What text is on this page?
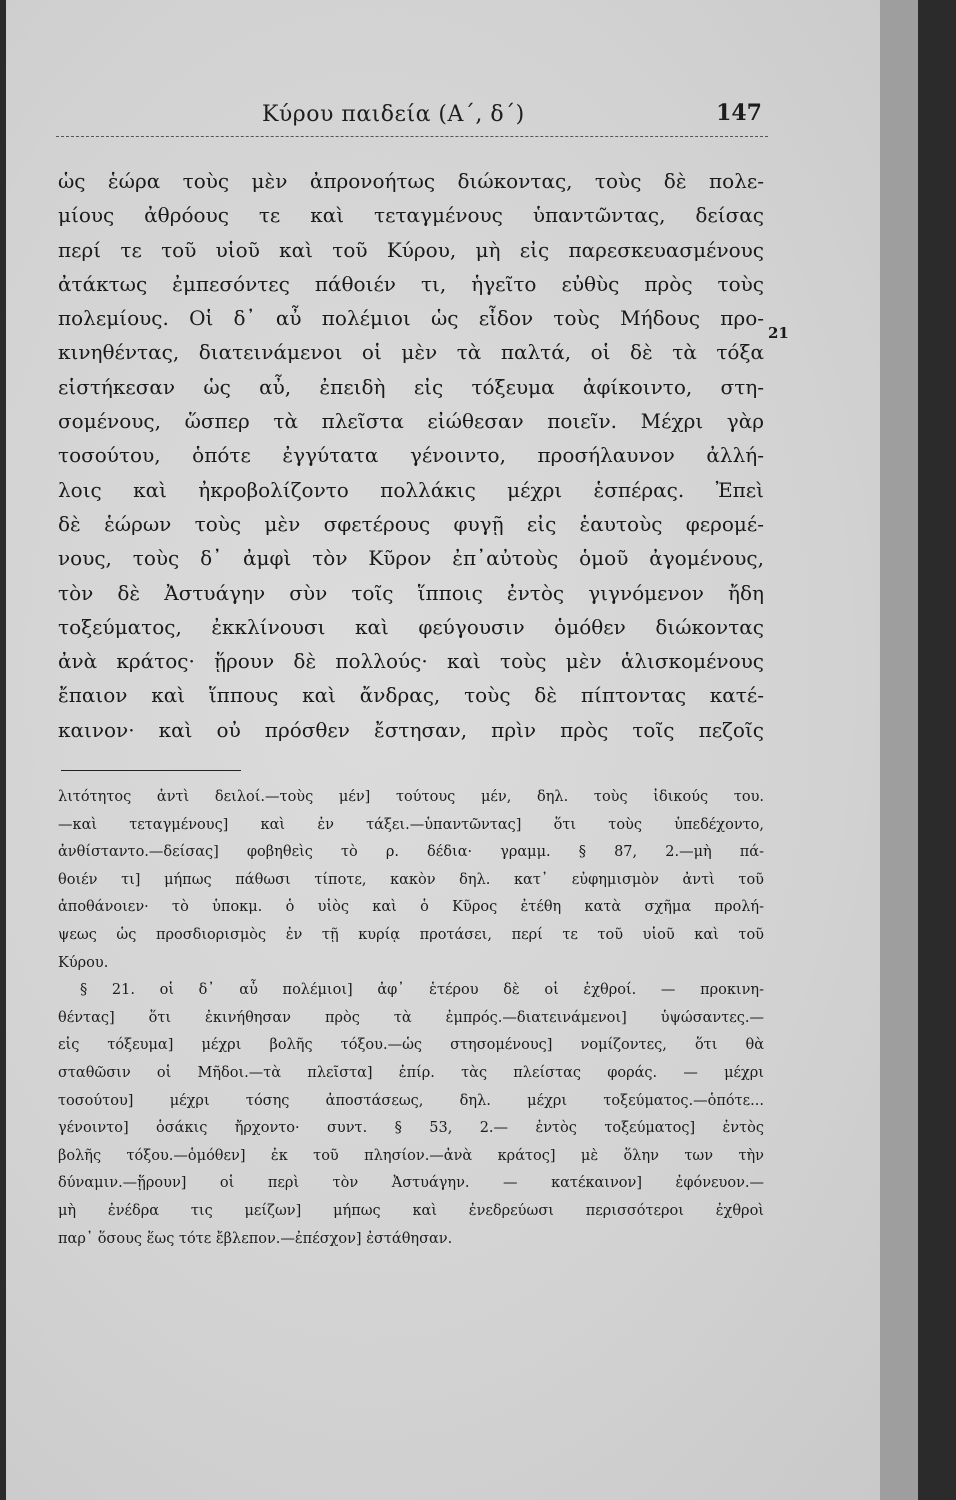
Κύρου παιδεία (Α΄, δ΄)	147
21
ὡς ἑώρα τοὺς μὲν ἀπρονοήτως διώκοντας, τοὺς δὲ πολε-
μίους ἀθρόους τε καὶ τεταγμένους ὑπαντῶντας, δείσας
περί τε τοῦ υἱοῦ καὶ τοῦ Κύρου, μὴ εἰς παρεσκευασμένους
ἀτάκτως ἐμπεσόντες πάθοιέν τι, ἡγεῖτο εὐθὺς πρὸς τοὺς
πολεμίους. Οἱ δ᾽ αὖ πολέμιοι ὡς εἶδον τοὺς Μήδους προ-
κινηθέντας, διατεινάμενοι οἱ μὲν τὰ παλτά, οἱ δὲ τὰ τόξα
εἱστήκεσαν ὡς αὖ, ἐπειδὴ εἰς τόξευμα ἀφίκοιντο, στη-
σομένους, ὥσπερ τὰ πλεῖστα εἰώθεσαν ποιεῖν. Μέχρι γὰρ
τοσούτου, ὁπότε ἐγγύτατα γένοιντο, προσήλαυνον ἀλλή-
λοις καὶ ἠκροβολίζοντο πολλάκις μέχρι ἑσπέρας. Ἐπεὶ
δὲ ἑώρων τοὺς μὲν σφετέρους φυγῇ εἰς ἑαυτοὺς φερομέ-
νους, τοὺς δ᾽ ἀμφὶ τὸν Κῦρον ἐπ᾽αὐτοὺς ὁμοῦ ἀγομένους,
τὸν δὲ Ἀστυάγην σὺν τοῖς ἵπποις ἐντὸς γιγνόμενον ἤδη
τοξεύματος, ἐκκλίνουσι καὶ φεύγουσιν ὁμόθεν διώκοντας
ἀνὰ κράτος· ᾕρουν δὲ πολλούς· καὶ τοὺς μὲν ἁλισκομένους
ἔπαιον καὶ ἵππους καὶ ἄνδρας, τοὺς δὲ πίπτοντας κατέ-
καινον· καὶ οὐ πρόσθεν ἔστησαν, πρὶν πρὸς τοῖς πεζοῖς
λιτότητος ἀντὶ δειλοί.—τοὺς μέν] τούτους μέν, δηλ. τοὺς ἰδικούς του.
—καὶ τεταγμένους] καὶ ἐν τάξει.—ὑπαντῶντας] ὅτι τοὺς ὑπεδέχοντο,
ἀνθίσταντο.—δείσας] φοβηθεὶς τὸ ρ. δέδια· γραμμ. § 87, 2.—μὴ πά-
θοιέν τι] μήπως πάθωσι τίποτε, κακὸν δηλ. κατ᾽ εὐφημισμὸν ἀντὶ τοῦ
ἀποθάνοιεν· τὸ ὑποκμ. ὁ υἱὸς καὶ ὁ Κῦρος ἐτέθη κατὰ σχῆμα προλή-
ψεως ὡς προσδιορισμὸς ἐν τῇ κυρίᾳ προτάσει, περί τε τοῦ υἱοῦ καὶ τοῦ
Κύρου.
§ 21. οἱ δ᾽ αὖ πολέμιοι] ἀφ᾽ ἑτέρου δὲ οἱ ἐχθροί. — προκινη-
θέντας] ὅτι ἐκινήθησαν πρὸς τὰ ἐμπρός.—διατεινάμενοι] ὑψώσαντες.—
εἰς τόξευμα] μέχρι βολῆς τόξου.—ὡς στησομένους] νομίζοντες, ὅτι θὰ
σταθῶσιν οἱ Μῆδοι.—τὰ πλεῖστα] ἐπίρ. τὰς πλείστας φοράς. — μέχρι
τοσούτου] μέχρι τόσης ἀποστάσεως, δηλ. μέχρι τοξεύματος.—ὁπότε...
γένοιντο] ὁσάκις ἤρχοντο· συντ. § 53, 2.— ἐντὸς τοξεύματος] ἐντὸς
βολῆς τόξου.—ὁμόθεν] ἐκ τοῦ πλησίον.—ἀνὰ κράτος] μὲ ὅλην των τὴν
δύναμιν.—ᾕρουν] οἱ περὶ τὸν Ἀστυάγην. — κατέκαινον] ἐφόνευον.—
μὴ ἐνέδρα τις μείζων] μήπως καὶ ἐνεδρεύωσι περισσότεροι ἐχθροὶ
παρ᾽ ὅσους ἕως τότε ἔβλεπον.—ἐπέσχον] ἐστάθησαν.
